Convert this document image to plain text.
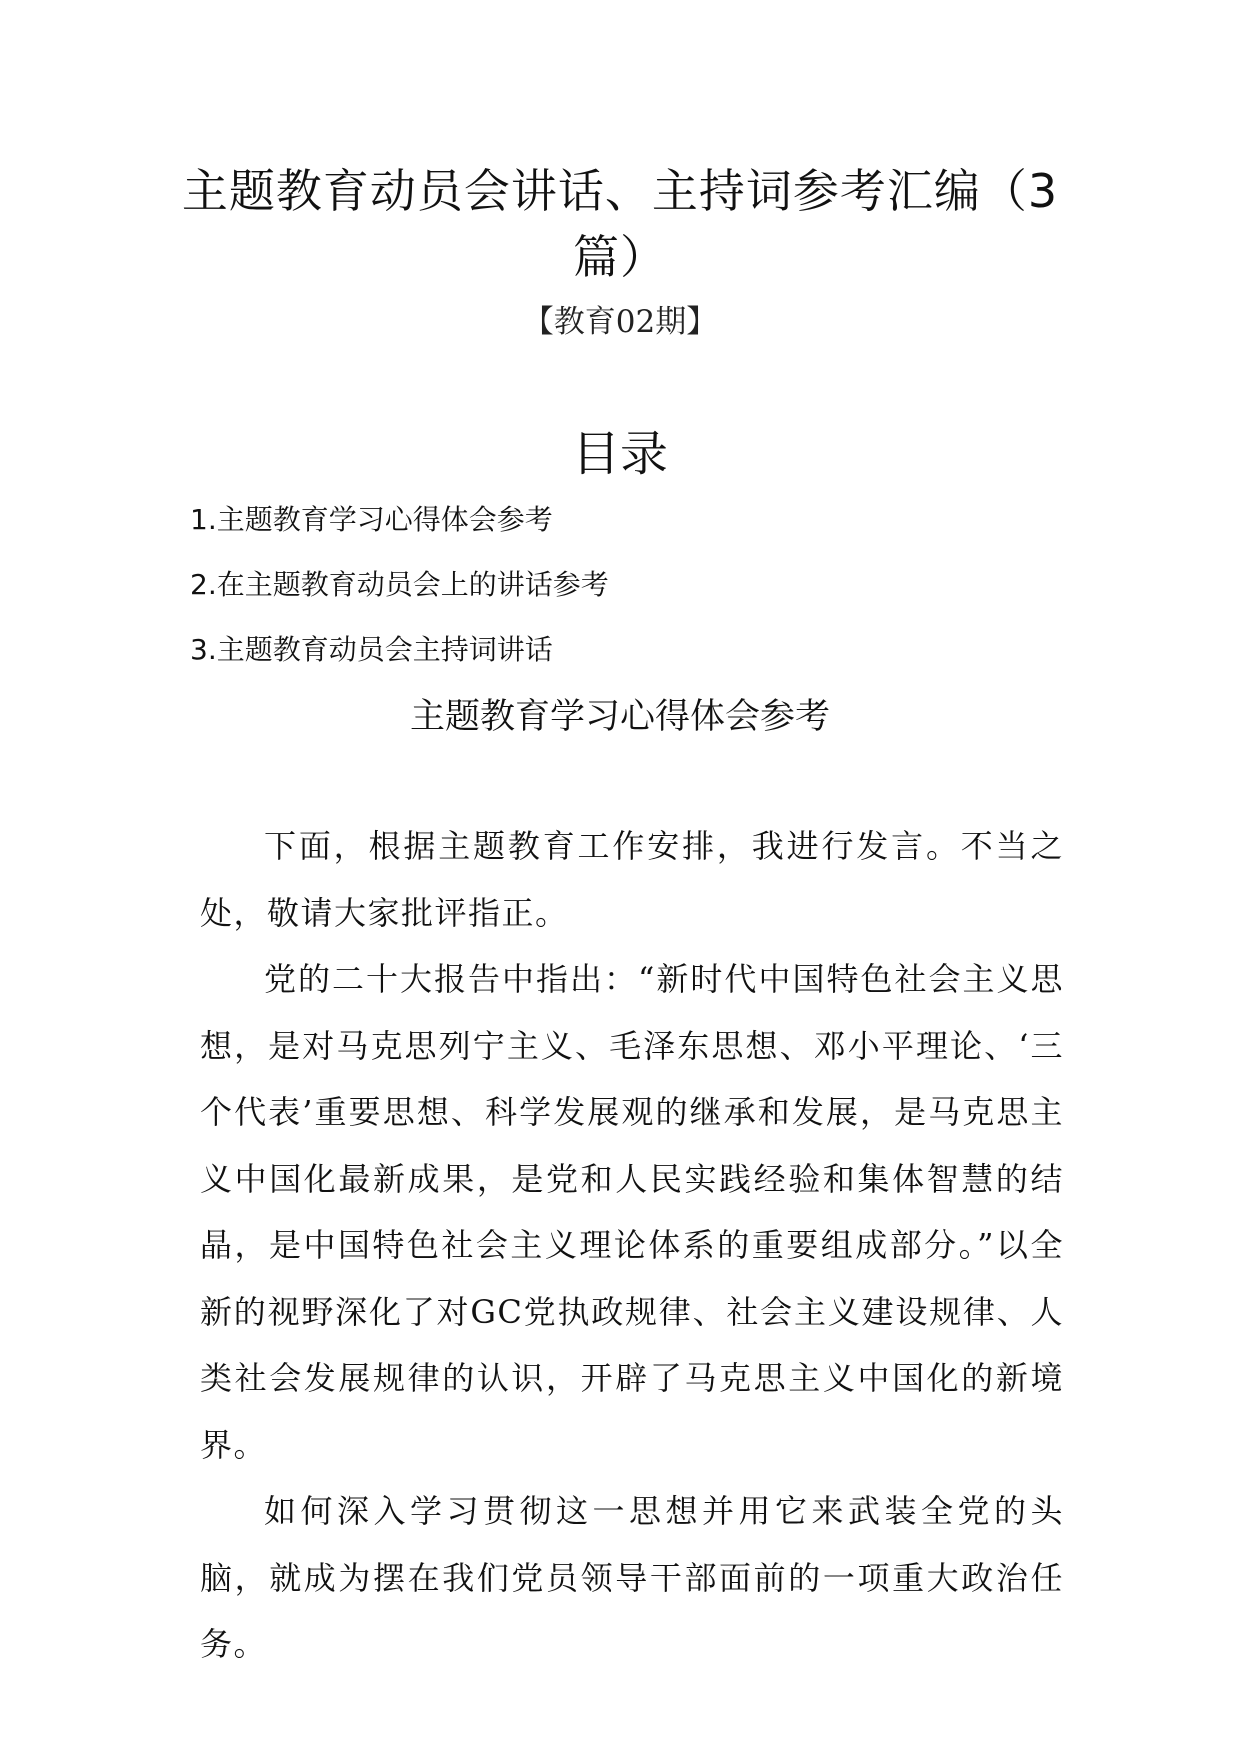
主题教育动员会讲话、主持词参考汇编（3篇）
【教育02期】
目录
1.主题教育学习心得体会参考
2.在主题教育动员会上的讲话参考
3.主题教育动员会主持词讲话
主题教育学习心得体会参考

下面，根据主题教育工作安排，我进行发言。不当之处，敬请大家批评指正。

党的二十大报告中指出：“新时代中国特色社会主义思想，是对马克思列宁主义、毛泽东思想、邓小平理论、‘三个代表’重要思想、科学发展观的继承和发展，是马克思主义中国化最新成果，是党和人民实践经验和集体智慧的结晶，是中国特色社会主义理论体系的重要组成部分。”以全新的视野深化了对GC党执政规律、社会主义建设规律、人类社会发展规律的认识，开辟了马克思主义中国化的新境界。

如何深入学习贯彻这一思想并用它来武装全党的头脑，就成为摆在我们党员领导干部面前的一项重大政治任务。
